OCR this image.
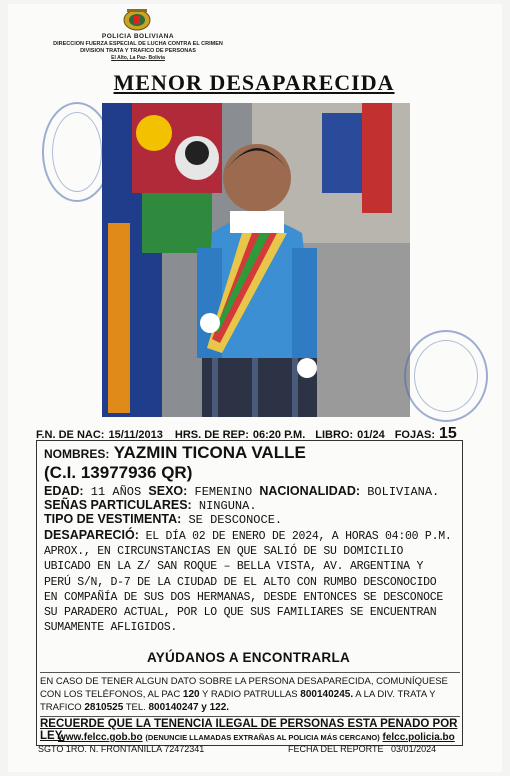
POLICIA BOLIVIANA
DIRECCION FUERZA ESPECIAL DE LUCHA CONTRA EL CRIMEN
DIVISION TRATA Y TRAFICO DE PERSONAS
El Alto, La Paz- Bolivia
MENOR DESAPARECIDA
F.N. DE NAC: 15/11/2013 HRS. DE REP: 06:20 P.M. LIBRO: 01/24 FOJAS: 15
NOMBRES: YAZMIN TICONA VALLE
(C.I. 13977936 QR)
EDAD: 11 AÑOS SEXO: FEMENINO NACIONALIDAD: BOLIVIANA.
SEÑAS PARTICULARES: NINGUNA.
TIPO DE VESTIMENTA: SE DESCONOCE.
DESAPARECIÓ: EL DÍA 02 DE ENERO DE 2024, A HORAS 04:00 P.M. APROX., EN CIRCUNSTANCIAS EN QUE SALIÓ DE SU DOMICILIO UBICADO EN LA Z/ SAN ROQUE – BELLA VISTA, AV. ARGENTINA Y PERÚ S/N, D-7 DE LA CIUDAD DE EL ALTO CON RUMBO DESCONOCIDO EN COMPAÑÍA DE SUS DOS HERMANAS, DESDE ENTONCES SE DESCONOCE SU PARADERO ACTUAL, POR LO QUE SUS FAMILIARES SE ENCUENTRAN SUMAMENTE AFLIGIDOS.
AYÚDANOS A ENCONTRARLA
EN CASO DE TENER ALGUN DATO SOBRE LA PERSONA DESAPARECIDA, COMUNÍQUESE CON LOS TELÉFONOS, AL PAC 120 Y RADIO PATRULLAS 800140245. A LA DIV. TRATA Y TRAFICO 2810525 TEL. 800140247 y 122.
RECUERDE QUE LA TENENCIA ILEGAL DE PERSONAS ESTA PENADO POR LEY.
www.felcc.gob.bo (DENUNCIE LLAMADAS EXTRAÑAS AL POLICIA MÁS CERCANO) felcc.policia.bo
SGTO 1RO. N. FRONTANILLA 72472341	FECHA DEL REPORTE 03/01/2024
